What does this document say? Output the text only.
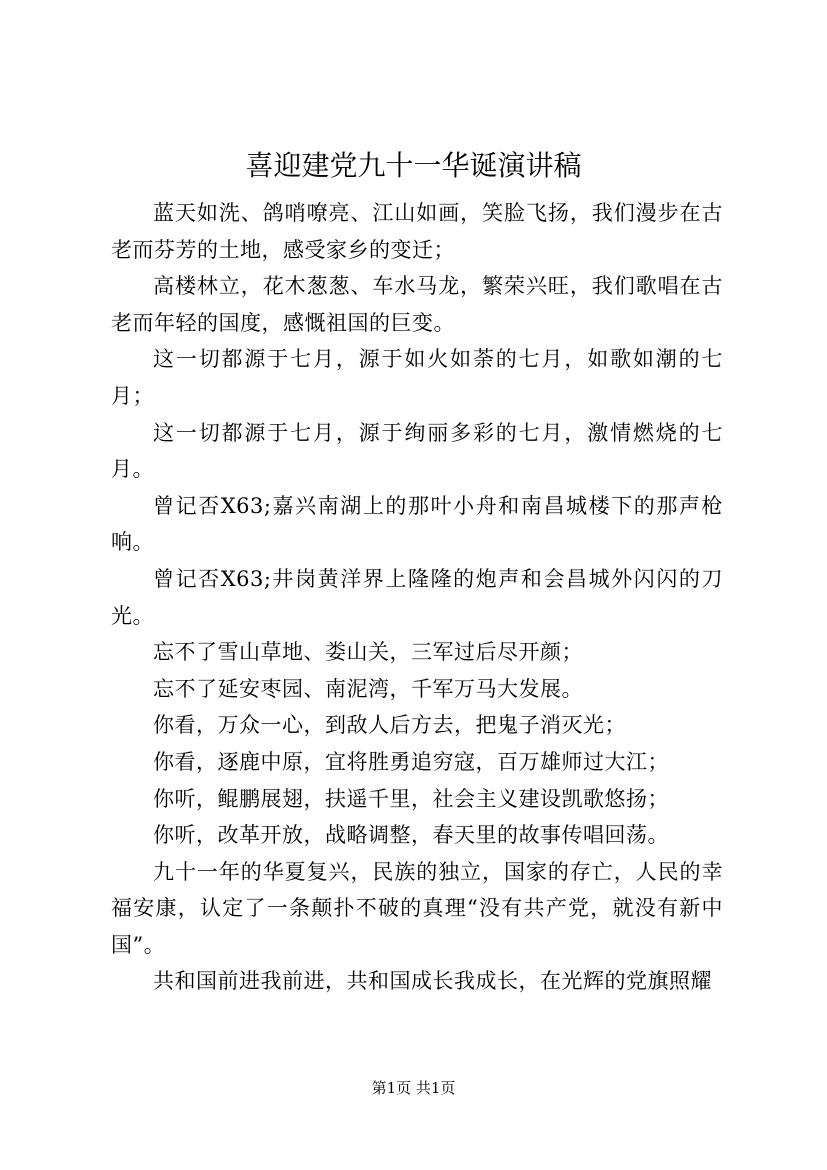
喜迎建党九十一华诞演讲稿

蓝天如洗、鸽哨嘹亮、江山如画，笑脸飞扬，我们漫步在古老而芬芳的土地，感受家乡的变迁；

高楼林立，花木葱葱、车水马龙，繁荣兴旺，我们歌唱在古老而年轻的国度，感慨祖国的巨变。

这一切都源于七月，源于如火如荼的七月，如歌如潮的七月；

这一切都源于七月，源于绚丽多彩的七月，激情燃烧的七月。

曾记否X63;嘉兴南湖上的那叶小舟和南昌城楼下的那声枪响。

曾记否X63;井岗黄洋界上隆隆的炮声和会昌城外闪闪的刀光。

忘不了雪山草地、娄山关，三军过后尽开颜；

忘不了延安枣园、南泥湾，千军万马大发展。

你看，万众一心，到敌人后方去，把鬼子消灭光；

你看，逐鹿中原，宜将胜勇追穷寇，百万雄师过大江；

你听，鲲鹏展翅，扶遥千里，社会主义建设凯歌悠扬；

你听，改革开放，战略调整，春天里的故事传唱回荡。

九十一年的华夏复兴，民族的独立，国家的存亡，人民的幸福安康，认定了一条颠扑不破的真理“没有共产党，就没有新中国”。

共和国前进我前进，共和国成长我成长，在光辉的党旗照耀

第1页 共1页
